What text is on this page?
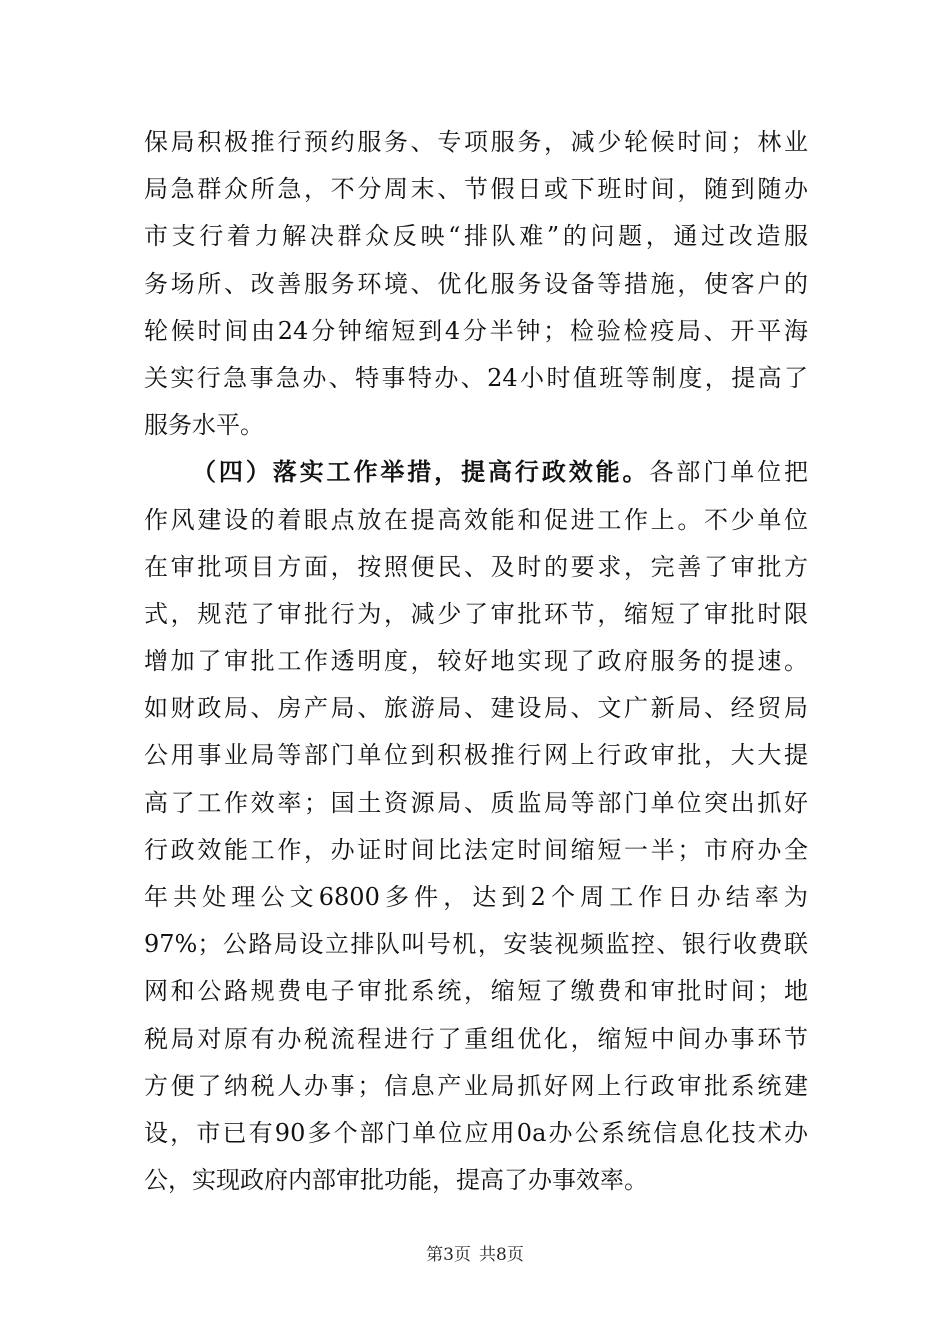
保局积极推行预约服务、专项服务，减少轮候时间；林业
局急群众所急，不分周末、节假日或下班时间，随到随办
市支行着力解决群众反映“排队难”的问题，通过改造服
务场所、改善服务环境、优化服务设备等措施，使客户的
轮候时间由24分钟缩短到4分半钟；检验检疫局、开平海
关实行急事急办、特事特办、24小时值班等制度，提高了
服务水平。
（四）落实工作举措，提高行政效能。各部门单位把
作风建设的着眼点放在提高效能和促进工作上。不少单位
在审批项目方面，按照便民、及时的要求，完善了审批方
式，规范了审批行为，减少了审批环节，缩短了审批时限
增加了审批工作透明度，较好地实现了政府服务的提速。
如财政局、房产局、旅游局、建设局、文广新局、经贸局
公用事业局等部门单位到积极推行网上行政审批，大大提
高了工作效率；国土资源局、质监局等部门单位突出抓好
行政效能工作，办证时间比法定时间缩短一半；市府办全
年共处理公文6800多件，达到2个周工作日办结率为
97%；公路局设立排队叫号机，安装视频监控、银行收费联
网和公路规费电子审批系统，缩短了缴费和审批时间；地
税局对原有办税流程进行了重组优化，缩短中间办事环节
方便了纳税人办事；信息产业局抓好网上行政审批系统建
设，市已有90多个部门单位应用0a办公系统信息化技术办
公，实现政府内部审批功能，提高了办事效率。
第3页 共8页
